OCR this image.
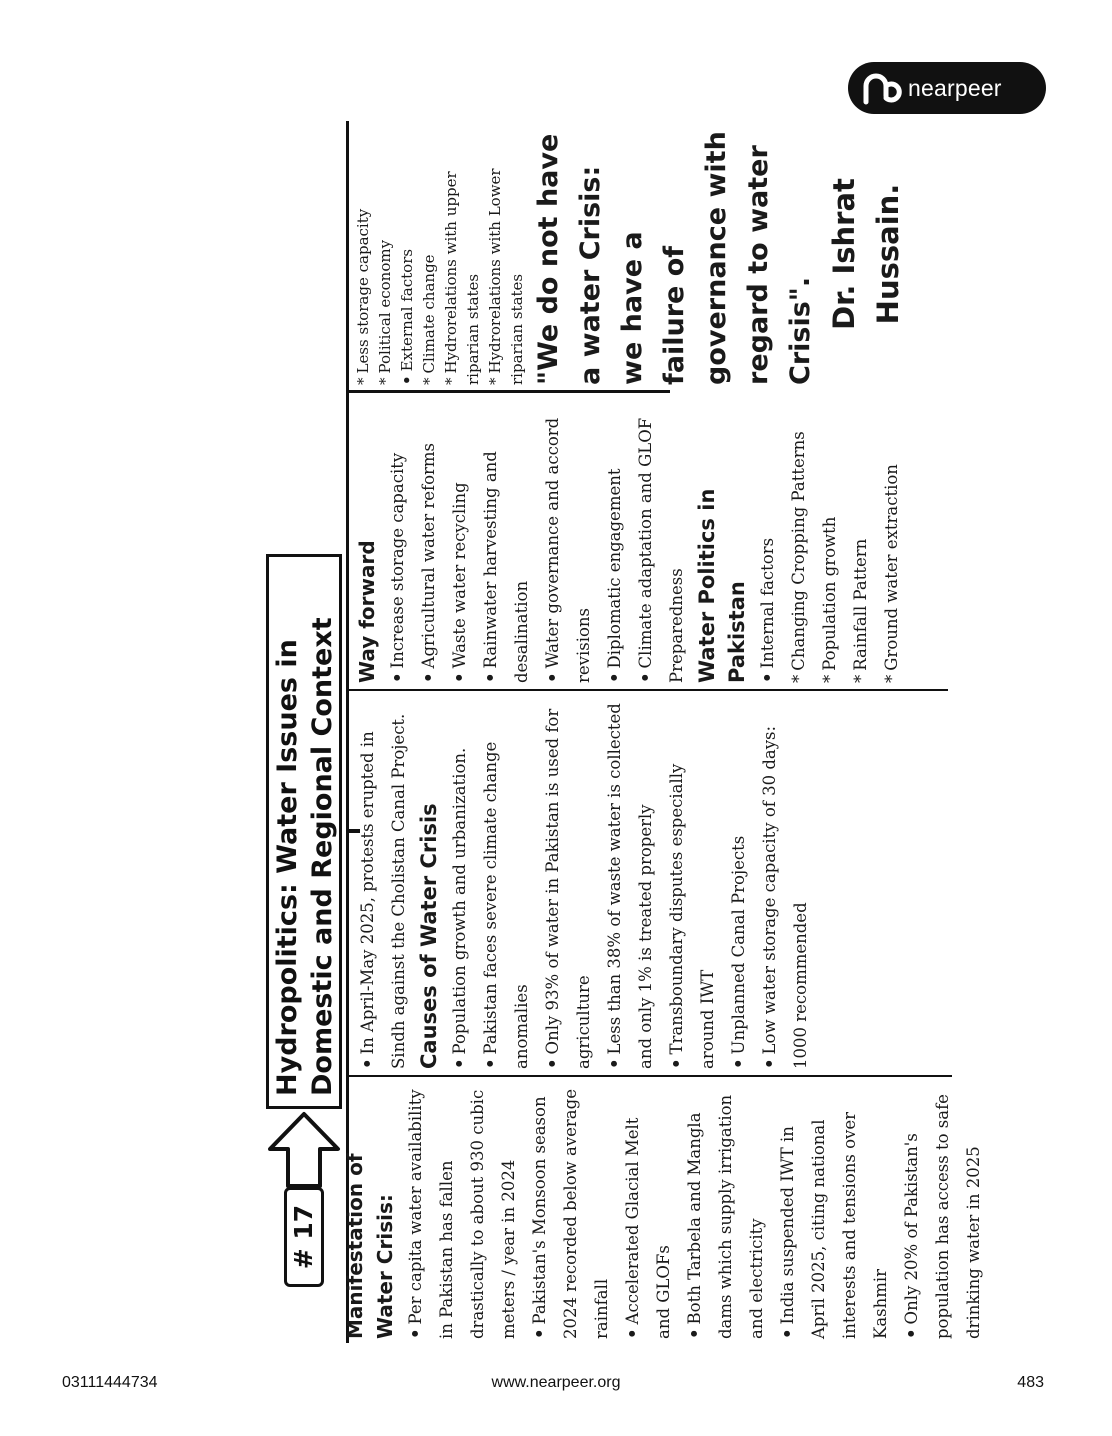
nearpeer
# 17
Hydropolitics: Water Issues in Domestic and Regional Context

Manifestation of Water Crisis: • Per capita water availability in Pakistan has fallen drastically to about 930 cubic meters / year in 2024 • Pakistan's Monsoon season 2024 recorded below average rainfall • Accelerated Glacial Melt and GLOFs • Both Tarbela and Mangla dams which supply irrigation and electricity • India suspended IWT in April 2025, citing national interests and tensions over Kashmir • Only 20% of Pakistan's population has access to safe drinking water in 2025

• In April-May 2025, protests erupted in Sindh against the Cholistan Canal Project. Causes of Water Crisis • Population growth and urbanization. • Pakistan faces severe climate change anomalies • Only 93% of water in Pakistan is used for agriculture • Less than 38% of waste water is collected and only 1% is treated properly • Transboundary disputes especially around IWT • Unplanned Canal Projects • Low water storage capacity of 30 days: 1000 recommended

Way forward • Increase storage capacity • Agricultural water reforms • Waste water recycling • Rainwater harvesting and desalination • Water governance and accord revisions • Diplomatic engagement • Climate adaptation and GLOF Preparedness Water Politics in Pakistan • Internal factors * Changing Cropping Patterns * Population growth * Rainfall Pattern * Ground water extraction

* Less storage capacity * Political economy • External factors * Climate change * Hydrorelations with upper riparian states * Hydrorelations with Lower riparian states "We do not have a water Crisis: we have a failure of governance with regard to water Crisis".

Dr. Ishrat Hussain.

03111444734	www.nearpeer.org	483
